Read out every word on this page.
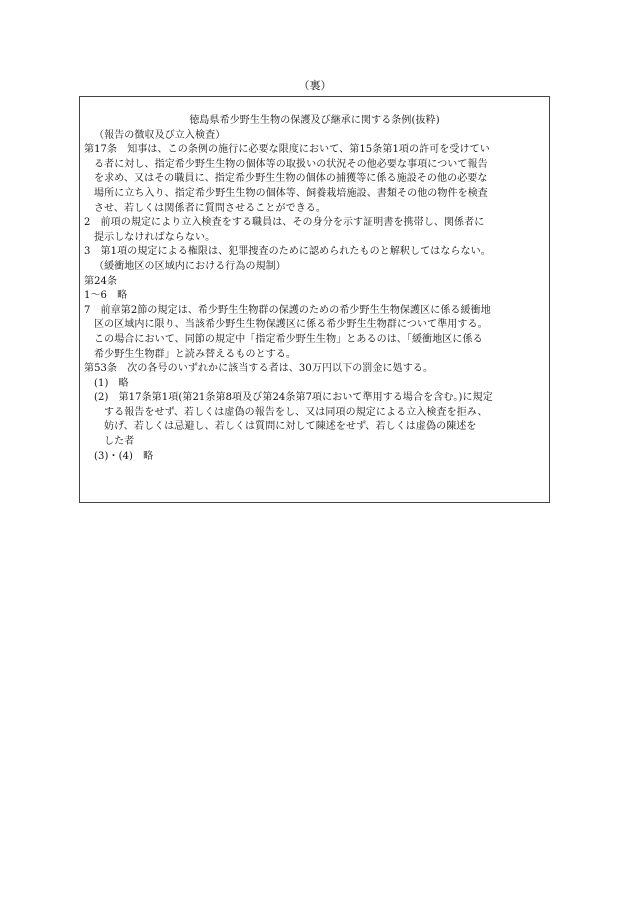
（裏）
徳島県希少野生生物の保護及び継承に関する条例(抜粋)
（報告の徴収及び立入検査）
第17条　知事は、この条例の施行に必要な限度において、第15条第1項の許可を受けてい
る者に対し、指定希少野生生物の個体等の取扱いの状況その他必要な事項について報告
を求め、又はその職員に、指定希少野生生物の個体の捕獲等に係る施設その他の必要な
場所に立ち入り、指定希少野生生物の個体等、飼養栽培施設、書類その他の物件を検査
させ、若しくは関係者に質問させることができる。
2　前項の規定により立入検査をする職員は、その身分を示す証明書を携帯し、関係者に
提示しなければならない。
3　第1項の規定による権限は、犯罪捜査のために認められたものと解釈してはならない。
（緩衝地区の区域内における行為の規制）
第24条
1～6　略
7　前章第2節の規定は、希少野生生物群の保護のための希少野生生物保護区に係る緩衝地
区の区域内に限り、当該希少野生生物保護区に係る希少野生生物群について準用する。
この場合において、同節の規定中「指定希少野生生物」とあるのは、「緩衝地区に係る
希少野生生物群」と読み替えるものとする。
第53条　次の各号のいずれかに該当する者は、30万円以下の罰金に処する。
(1)　略
(2)　第17条第1項(第21条第8項及び第24条第7項において準用する場合を含む。)に規定
する報告をせず、若しくは虚偽の報告をし、又は同項の規定による立入検査を拒み、
妨げ、若しくは忌避し、若しくは質問に対して陳述をせず、若しくは虚偽の陳述を
した者
(3)・(4)　略
